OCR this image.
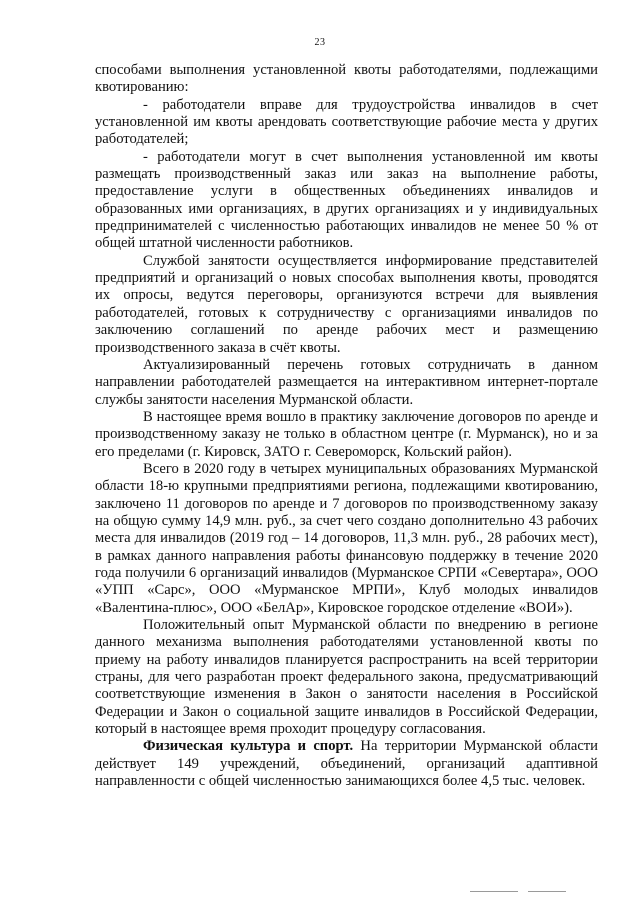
23

способами выполнения установленной квоты работодателями, подлежащими квотированию:

- работодатели вправе для трудоустройства инвалидов в счет установленной им квоты арендовать соответствующие рабочие места у других работодателей;

- работодатели могут в счет выполнения установленной им квоты размещать производственный заказ или заказ на выполнение работы, предоставление услуги в общественных объединениях инвалидов и образованных ими организациях, в других организациях и у индивидуальных предпринимателей с численностью работающих инвалидов не менее 50 % от общей штатной численности работников.

Службой занятости осуществляется информирование представителей предприятий и организаций о новых способах выполнения квоты, проводятся их опросы, ведутся переговоры, организуются встречи для выявления работодателей, готовых к сотрудничеству с организациями инвалидов по заключению соглашений по аренде рабочих мест и размещению производственного заказа в счёт квоты.

Актуализированный перечень готовых сотрудничать в данном направлении работодателей размещается на интерактивном интернет-портале службы занятости населения Мурманской области.

В настоящее время вошло в практику заключение договоров по аренде и производственному заказу не только в областном центре (г. Мурманск), но и за его пределами (г. Кировск, ЗАТО г. Североморск, Кольский район).

Всего в 2020 году в четырех муниципальных образованиях Мурманской области 18-ю крупными предприятиями региона, подлежащими квотированию, заключено 11 договоров по аренде и 7 договоров по производственному заказу на общую сумму 14,9 млн. руб., за счет чего создано дополнительно 43 рабочих места для инвалидов (2019 год – 14 договоров, 11,3 млн. руб., 28 рабочих мест), в рамках данного направления работы финансовую поддержку в течение 2020 года получили 6 организаций инвалидов (Мурманское СРПИ «Севертара», ООО «УПП «Сарс», ООО «Мурманское МРПИ», Клуб молодых инвалидов «Валентина-плюс», ООО «БелАр», Кировское городское отделение «ВОИ»).

Положительный опыт Мурманской области по внедрению в регионе данного механизма выполнения работодателями установленной квоты по приему на работу инвалидов планируется распространить на всей территории страны, для чего разработан проект федерального закона, предусматривающий соответствующие изменения в Закон о занятости населения в Российской Федерации и Закон о социальной защите инвалидов в Российской Федерации, который в настоящее время проходит процедуру согласования.

Физическая культура и спорт. На территории Мурманской области действует 149 учреждений, объединений, организаций адаптивной направленности с общей численностью занимающихся более 4,5 тыс. человек.
